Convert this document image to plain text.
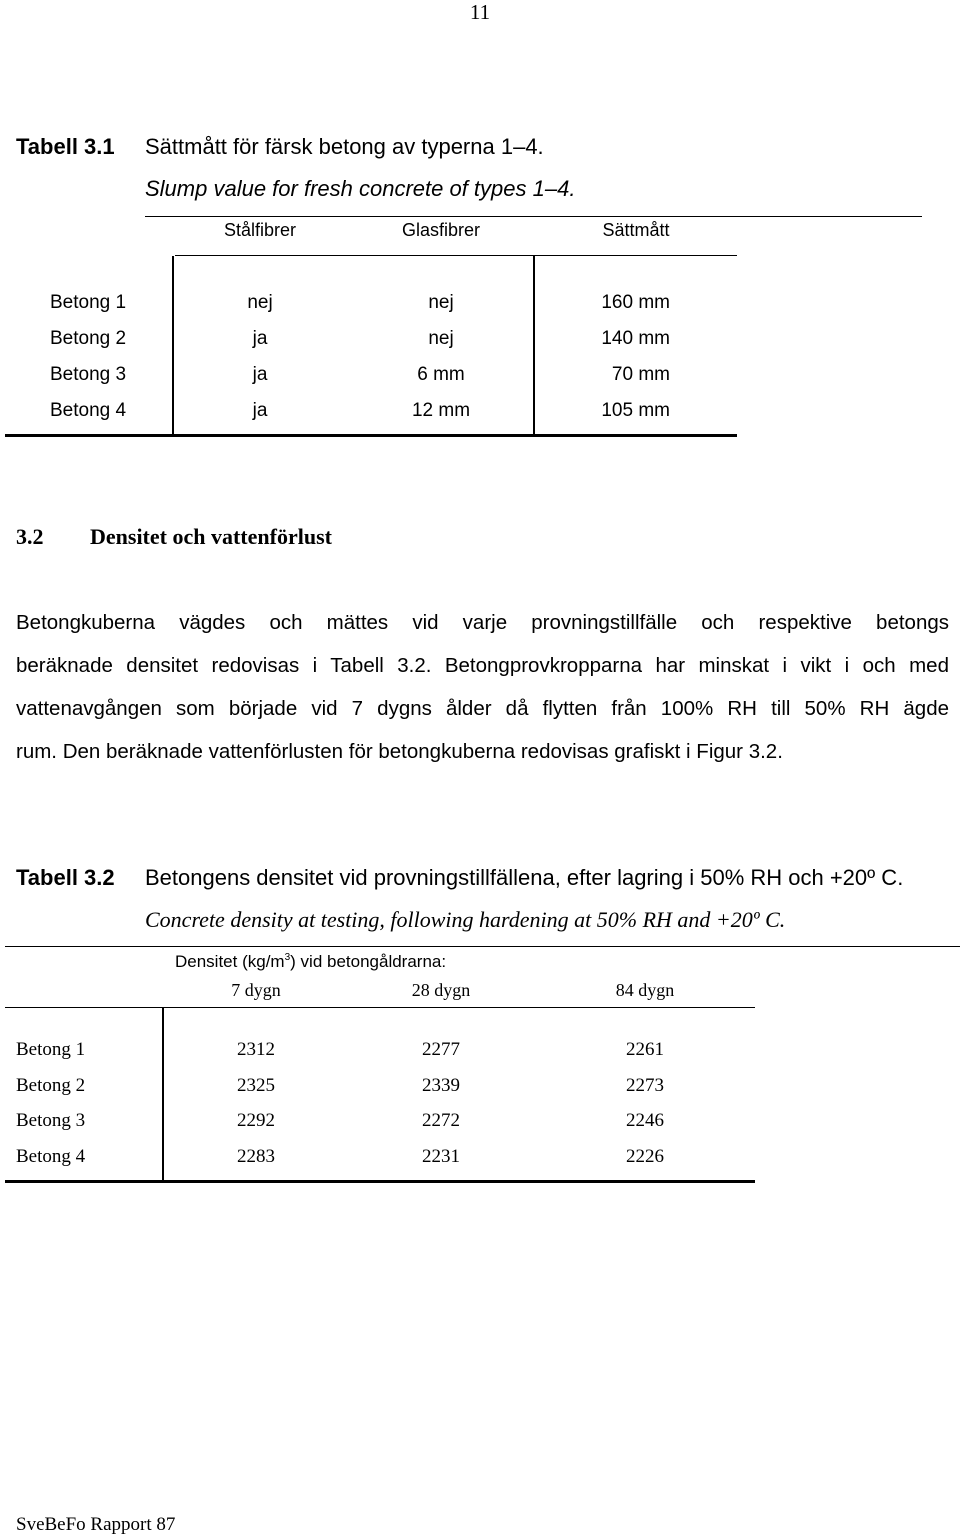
11
Tabell 3.1 Sättmått för färsk betong av typerna 1–4.
Slump value for fresh concrete of types 1–4.
Stålfibrer	Glasfibrer	Sättmått
Betong 1	nej	nej	160 mm
Betong 2	ja	nej	140 mm
Betong 3	ja	6 mm	70 mm
Betong 4	ja	12 mm	105 mm
3.2 Densitet och vattenförlust
Betongkuberna vägdes och mättes vid varje provningstillfälle och respektive betongs
beräknade densitet redovisas i Tabell 3.2. Betongprovkropparna har minskat i vikt i och med
vattenavgången som började vid 7 dygns ålder då flytten från 100% RH till 50% RH ägde
rum. Den beräknade vattenförlusten för betongkuberna redovisas grafiskt i Figur 3.2.
Tabell 3.2 Betongens densitet vid provningstillfällena, efter lagring i 50% RH och +20º C.
Concrete density at testing, following hardening at 50% RH and +20º C.
Densitet $(kg/m^3)$ vid betongåldrarna:
7 dygn	28 dygn	84 dygn
Betong 1	2312	2277	2261
Betong 2	2325	2339	2273
Betong 3	2292	2272	2246
Betong 4	2283	2231	2226
SveBeFo Rapport 87
